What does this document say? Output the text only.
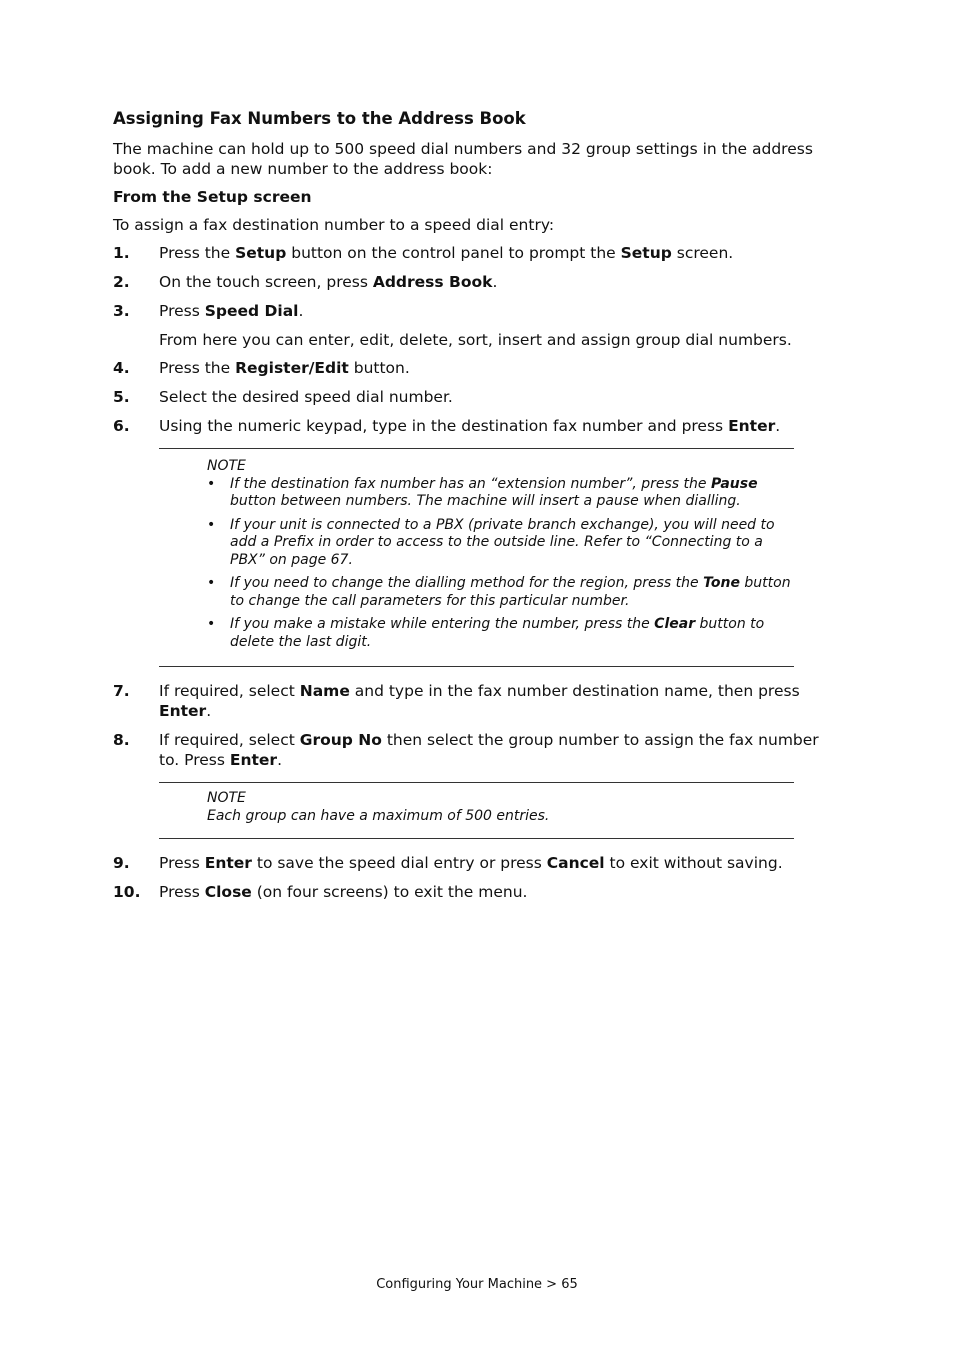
Assigning Fax Numbers to the Address Book

The machine can hold up to 500 speed dial numbers and 32 group settings in the address book. To add a new number to the address book:

From the Setup screen

To assign a fax destination number to a speed dial entry:

1.	Press the Setup button on the control panel to prompt the Setup screen.
2.	On the touch screen, press Address Book.
3.	Press Speed Dial.
From here you can enter, edit, delete, sort, insert and assign group dial numbers.
4.	Press the Register/Edit button.
5.	Select the desired speed dial number.
6.	Using the numeric keypad, type in the destination fax number and press Enter.
NOTE
• If the destination fax number has an “extension number”, press the Pause button between numbers. The machine will insert a pause when dialling.
• If your unit is connected to a PBX (private branch exchange), you will need to add a Prefix in order to access to the outside line. Refer to “Connecting to a PBX” on page 67.
• If you need to change the dialling method for the region, press the Tone button to change the call parameters for this particular number.
• If you make a mistake while entering the number, press the Clear button to delete the last digit.
7.	If required, select Name and type in the fax number destination name, then press Enter.
8.	If required, select Group No then select the group number to assign the fax number to. Press Enter.
NOTE
Each group can have a maximum of 500 entries.
9.	Press Enter to save the speed dial entry or press Cancel to exit without saving.
10.	Press Close (on four screens) to exit the menu.
Configuring Your Machine > 65
